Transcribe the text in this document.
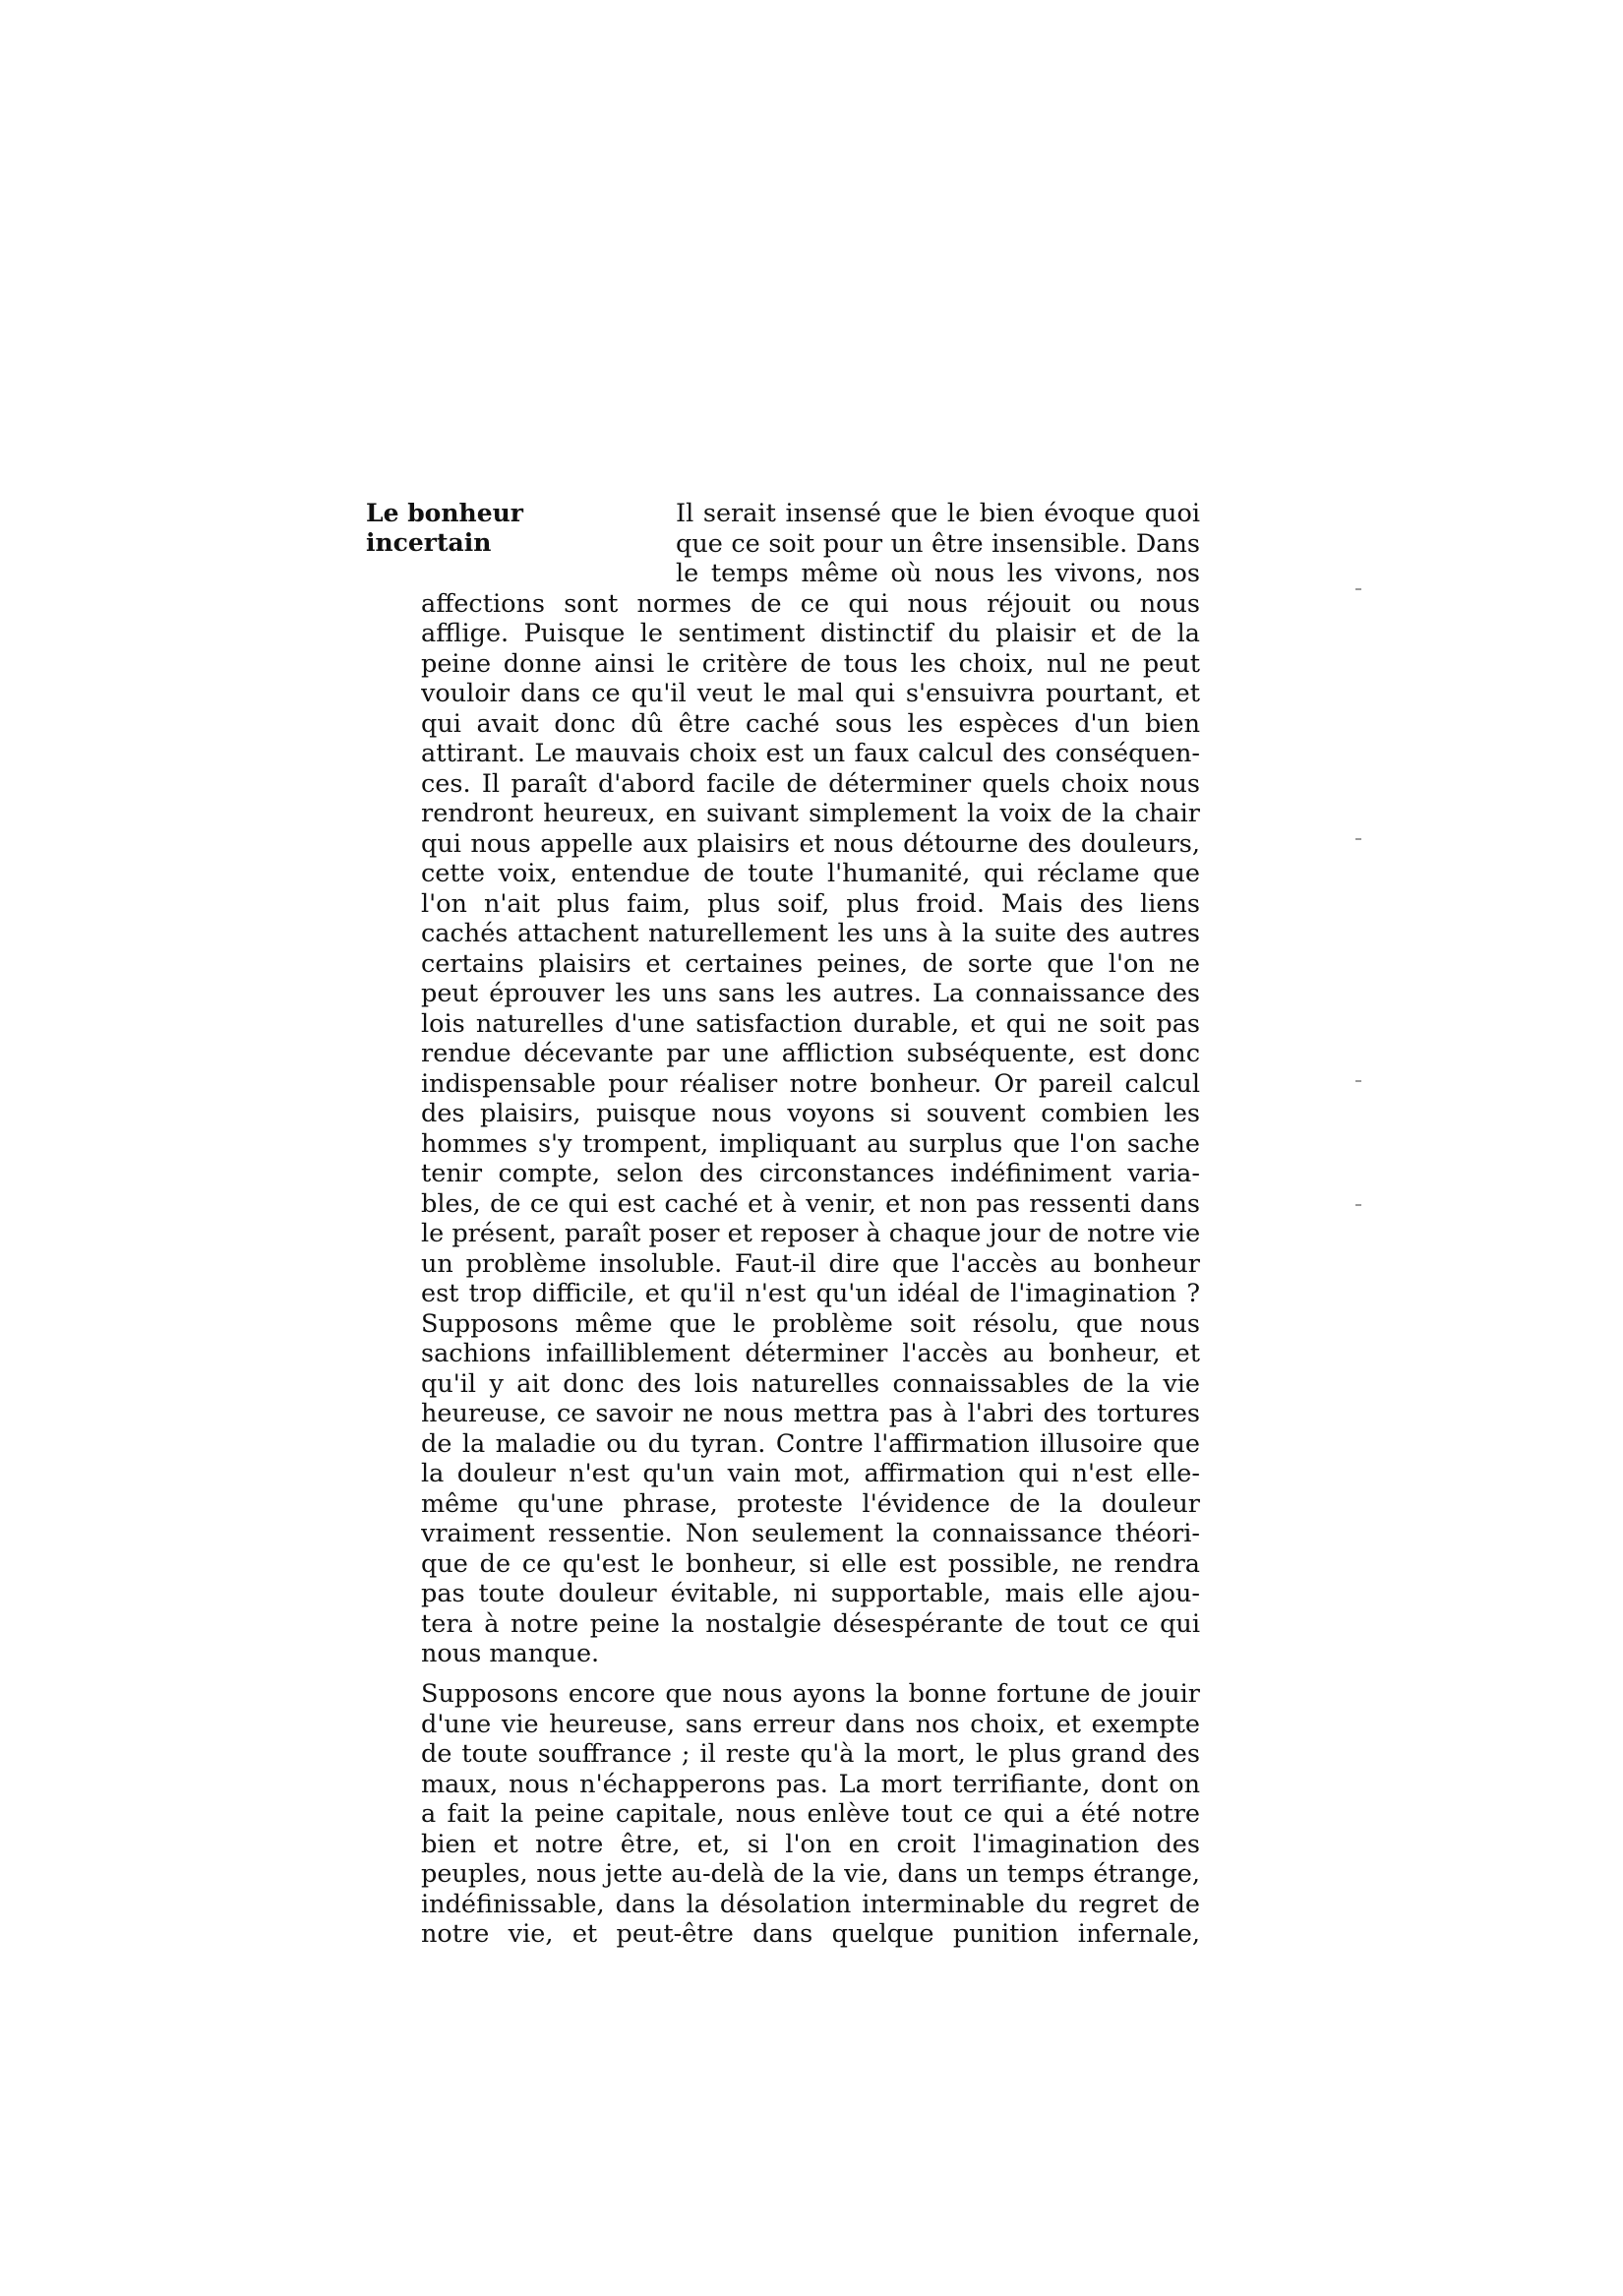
Le bonheur
incertain
Il serait insensé que le bien évoque quoi
que ce soit pour un être insensible. Dans
le temps même où nous les vivons, nos
affections sont normes de ce qui nous réjouit ou nous
afflige. Puisque le sentiment distinctif du plaisir et de la
peine donne ainsi le critère de tous les choix, nul ne peut
vouloir dans ce qu'il veut le mal qui s'ensuivra pourtant, et
qui avait donc dû être caché sous les espèces d'un bien
attirant. Le mauvais choix est un faux calcul des conséquen-
ces. Il paraît d'abord facile de déterminer quels choix nous
rendront heureux, en suivant simplement la voix de la chair
qui nous appelle aux plaisirs et nous détourne des douleurs,
cette voix, entendue de toute l'humanité, qui réclame que
l'on n'ait plus faim, plus soif, plus froid. Mais des liens
cachés attachent naturellement les uns à la suite des autres
certains plaisirs et certaines peines, de sorte que l'on ne
peut éprouver les uns sans les autres. La connaissance des
lois naturelles d'une satisfaction durable, et qui ne soit pas
rendue décevante par une affliction subséquente, est donc
indispensable pour réaliser notre bonheur. Or pareil calcul
des plaisirs, puisque nous voyons si souvent combien les
hommes s'y trompent, impliquant au surplus que l'on sache
tenir compte, selon des circonstances indéfiniment varia-
bles, de ce qui est caché et à venir, et non pas ressenti dans
le présent, paraît poser et reposer à chaque jour de notre vie
un problème insoluble. Faut-il dire que l'accès au bonheur
est trop difficile, et qu'il n'est qu'un idéal de l'imagination ?
Supposons même que le problème soit résolu, que nous
sachions infailliblement déterminer l'accès au bonheur, et
qu'il y ait donc des lois naturelles connaissables de la vie
heureuse, ce savoir ne nous mettra pas à l'abri des tortures
de la maladie ou du tyran. Contre l'affirmation illusoire que
la douleur n'est qu'un vain mot, affirmation qui n'est elle-
même qu'une phrase, proteste l'évidence de la douleur
vraiment ressentie. Non seulement la connaissance théori-
que de ce qu'est le bonheur, si elle est possible, ne rendra
pas toute douleur évitable, ni supportable, mais elle ajou-
tera à notre peine la nostalgie désespérante de tout ce qui
nous manque.
Supposons encore que nous ayons la bonne fortune de jouir
d'une vie heureuse, sans erreur dans nos choix, et exempte
de toute souffrance ; il reste qu'à la mort, le plus grand des
maux, nous n'échapperons pas. La mort terrifiante, dont on
a fait la peine capitale, nous enlève tout ce qui a été notre
bien et notre être, et, si l'on en croit l'imagination des
peuples, nous jette au-delà de la vie, dans un temps étrange,
indéfinissable, dans la désolation interminable du regret de
notre vie, et peut-être dans quelque punition infernale,
